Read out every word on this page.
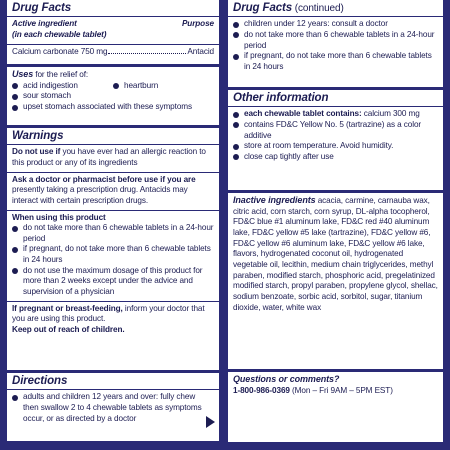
Drug Facts
Active ingredient	Purpose
(in each chewable tablet)
Calcium carbonate 750 mg	Antacid
Uses for the relief of:
acid indigestion	heartburn
sour stomach
upset stomach associated with these symptoms
Warnings
Do not use if you have ever had an allergic reaction to this product or any of its ingredients
Ask a doctor or pharmacist before use if you are presently taking a prescription drug. Antacids may interact with certain prescription drugs.
When using this product
do not take more than 6 chewable tablets in a 24-hour period
if pregnant, do not take more than 6 chewable tablets in 24 hours
do not use the maximum dosage of this product for more than 2 weeks except under the advice and supervision of a physician
If pregnant or breast-feeding, inform your doctor that you are using this product.
Keep out of reach of children.
Directions
adults and children 12 years and over: fully chew then swallow 2 to 4 chewable tablets as symptoms occur, or as directed by a doctor
Drug Facts (continued)
children under 12 years: consult a doctor
do not take more than 6 chewable tablets in a 24-hour period
if pregnant, do not take more than 6 chewable tablets in 24 hours
Other information
each chewable tablet contains: calcium 300 mg
contains FD&C Yellow No. 5 (tartrazine) as a color additive
store at room temperature. Avoid humidity.
close cap tightly after use
Inactive ingredients acacia, carmine, carnauba wax, citric acid, corn starch, corn syrup, DL-alpha tocopherol, FD&C blue #1 aluminum lake, FD&C red #40 aluminum lake, FD&C yellow #5 lake (tartrazine), FD&C yellow #6, FD&C yellow #6 aluminum lake, FD&C yellow #6 lake, flavors, hydrogenated coconut oil, hydrogenated vegetable oil, lecithin, medium chain triglycerides, methyl paraben, modified starch, phosphoric acid, pregelatinized modified starch, propyl paraben, propylene glycol, shellac, sodium benzoate, sorbic acid, sorbitol, sugar, titanium dioxide, water, white wax
Questions or comments?
1-800-986-0369 (Mon – Fri 9AM – 5PM EST)
